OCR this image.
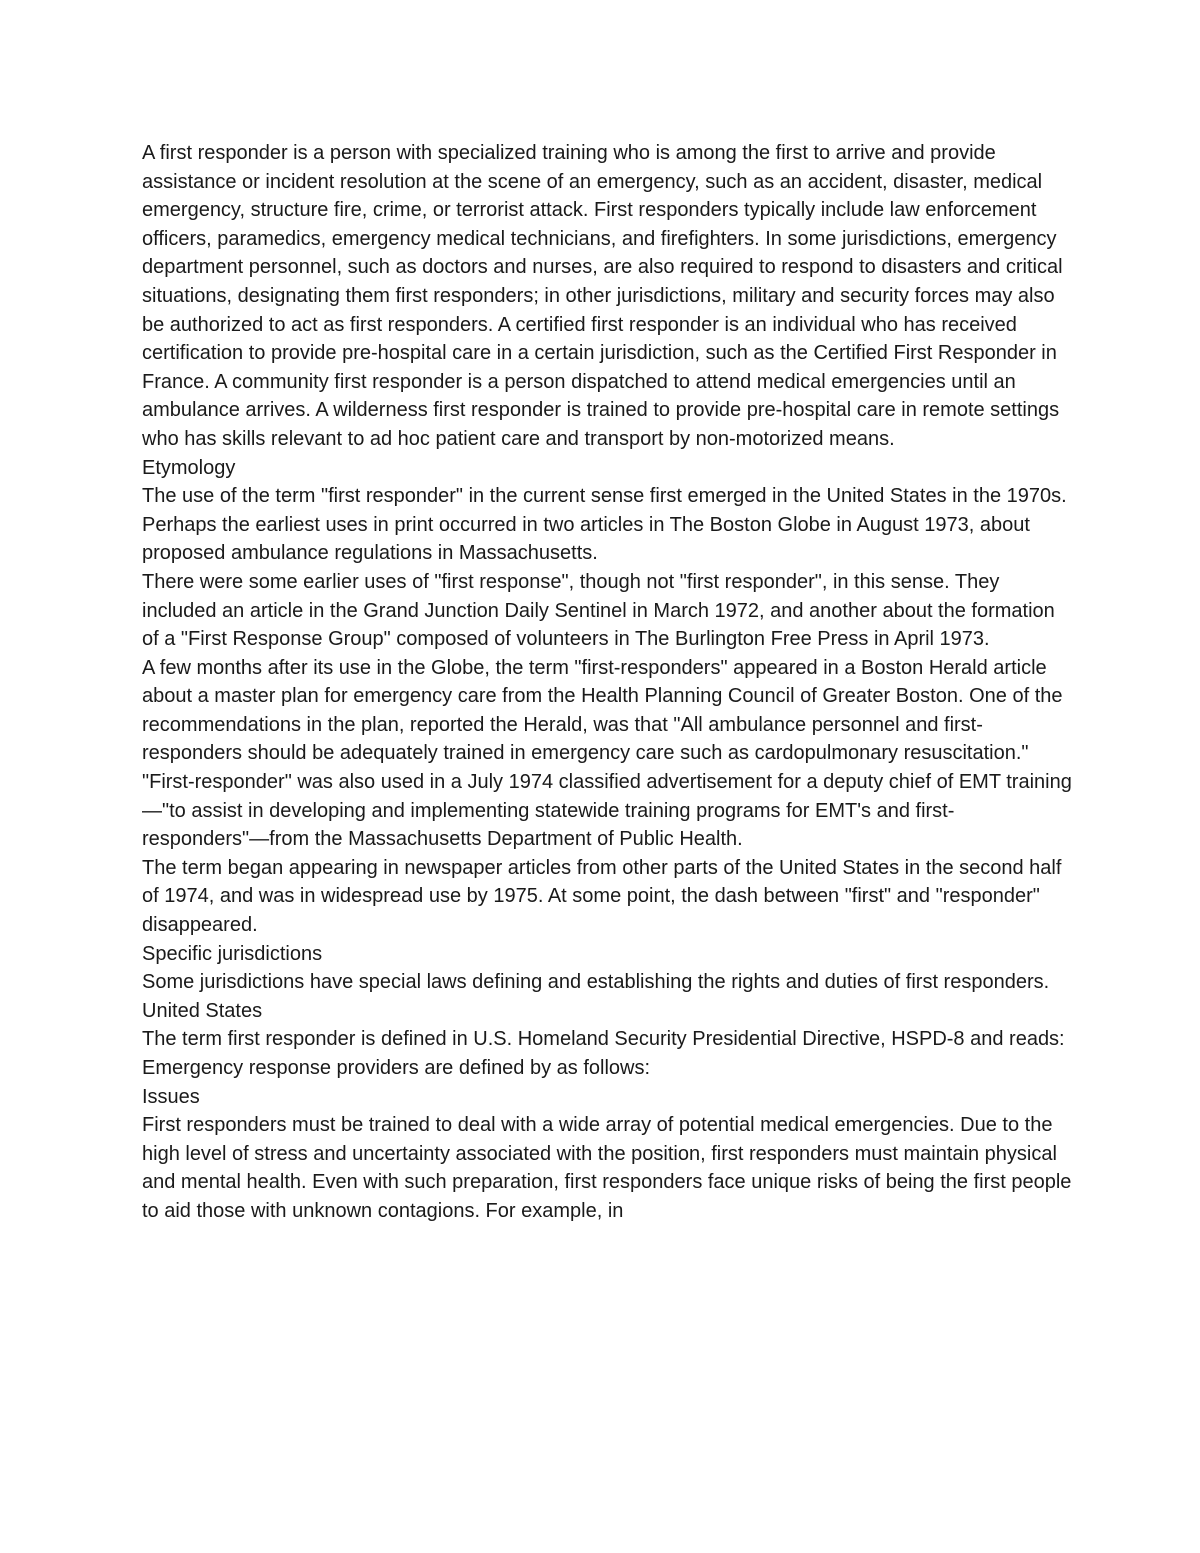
A first responder is a person with specialized training who is among the first to arrive and provide assistance or incident resolution at the scene of an emergency, such as an accident, disaster, medical emergency, structure fire, crime, or terrorist attack. First responders typically include law enforcement officers, paramedics, emergency medical technicians, and firefighters. In some jurisdictions, emergency department personnel, such as doctors and nurses, are also required to respond to disasters and critical situations, designating them first responders; in other jurisdictions, military and security forces may also be authorized to act as first responders. A certified first responder is an individual who has received certification to provide pre-hospital care in a certain jurisdiction, such as the Certified First Responder in France. A community first responder is a person dispatched to attend medical emergencies until an ambulance arrives. A wilderness first responder is trained to provide pre-hospital care in remote settings who has skills relevant to ad hoc patient care and transport by non-motorized means.

Etymology

The use of the term "first responder" in the current sense first emerged in the United States in the 1970s. Perhaps the earliest uses in print occurred in two articles in The Boston Globe in August 1973, about proposed ambulance regulations in Massachusetts.

There were some earlier uses of "first response", though not "first responder", in this sense. They included an article in the Grand Junction Daily Sentinel in March 1972, and another about the formation of a "First Response Group" composed of volunteers in The Burlington Free Press in April 1973.

A few months after its use in the Globe, the term "first-responders" appeared in a Boston Herald article about a master plan for emergency care from the Health Planning Council of Greater Boston. One of the recommendations in the plan, reported the Herald, was that "All ambulance personnel and first-responders should be adequately trained in emergency care such as cardopulmonary resuscitation."

"First-responder" was also used in a July 1974 classified advertisement for a deputy chief of EMT training—"to assist in developing and implementing statewide training programs for EMT's and first-responders"—from the Massachusetts Department of Public Health.

The term began appearing in newspaper articles from other parts of the United States in the second half of 1974, and was in widespread use by 1975. At some point, the dash between "first" and "responder" disappeared.

Specific jurisdictions

Some jurisdictions have special laws defining and establishing the rights and duties of first responders.

United States

The term first responder is defined in U.S. Homeland Security Presidential Directive, HSPD-8 and reads:

Emergency response providers are defined by as follows:

Issues

First responders must be trained to deal with a wide array of potential medical emergencies. Due to the high level of stress and uncertainty associated with the position, first responders must maintain physical and mental health. Even with such preparation, first responders face unique risks of being the first people to aid those with unknown contagions. For example, in
